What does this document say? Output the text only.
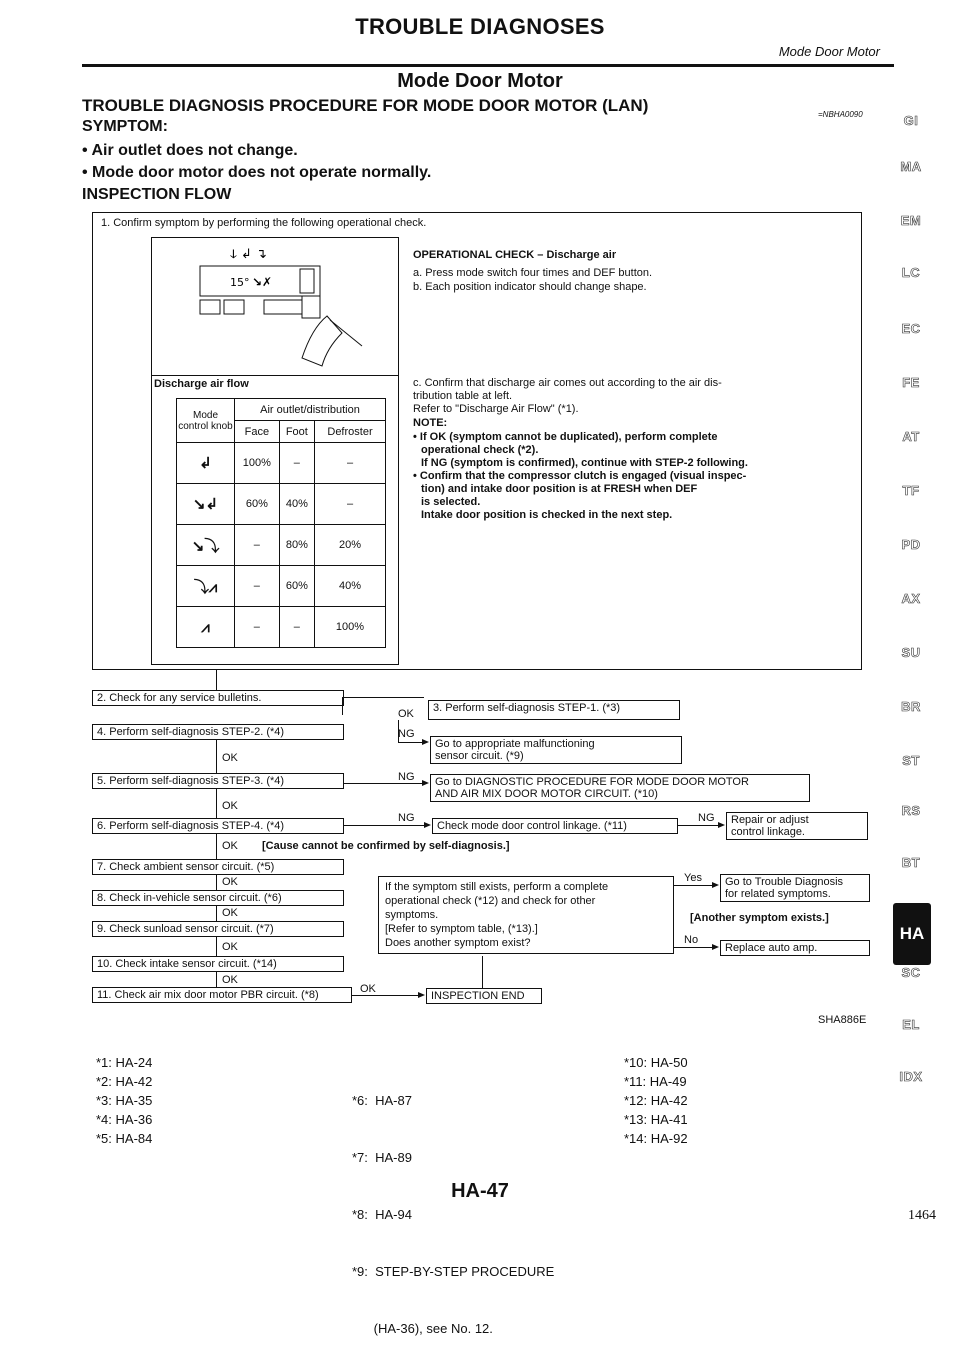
TROUBLE DIAGNOSES
Mode Door Motor
Mode Door Motor
TROUBLE DIAGNOSIS PROCEDURE FOR MODE DOOR MOTOR (LAN)	=NBHA0090
SYMPTOM:
• Air outlet does not change.
• Mode door motor does not operate normally.
INSPECTION FLOW
1. Confirm symptom by performing the following operational check.
ↆ ↲ ↴
15° ↘✗
OPERATIONAL CHECK – Discharge air
a. Press mode switch four times and DEF button.
b. Each position indicator should change shape.
Discharge air flow
Mode control knob	Air outlet/distribution		
	Face	Foot	Defroster
↲	100%	–	–
↘↲	60%	40%	–
↘⤵	–	80%	20%
⤵⩘	–	60%	40%
⩘	–	–	100%
c. Confirm that discharge air comes out according to the air dis-
tribution table at left.
Refer to "Discharge Air Flow" (*1).
NOTE:
• If OK (symptom cannot be duplicated), perform complete
operational check (*2).
If NG (symptom is confirmed), continue with STEP-2 following.
• Confirm that the compressor clutch is engaged (visual inspec-
tion) and intake door position is at FRESH when DEF
is selected.
Intake door position is checked in the next step.
2. Check for any service bulletins.
3. Perform self-diagnosis STEP-1. (*3)
OK
4. Perform self-diagnosis STEP-2. (*4)	NG
Go to appropriate malfunctioning
sensor circuit. (*9)
OK
5. Perform self-diagnosis STEP-3. (*4)	NG Go to DIAGNOSTIC PROCEDURE FOR MODE DOOR MOTOR
AND AIR MIX DOOR MOTOR CIRCUIT. (*10)
OK
6. Perform self-diagnosis STEP-4. (*4)
NG
Check mode door control linkage. (*11)
NG Repair or adjust
control linkage.
OK [Cause cannot be confirmed by self-diagnosis.]
7. Check ambient sensor circuit. (*5)
OK
8. Check in-vehicle sensor circuit. (*6)
OK
9. Check sunload sensor circuit. (*7)
OK
10. Check intake sensor circuit. (*14)
OK
11. Check air mix door motor PBR circuit. (*8)	OK
INSPECTION END
If the symptom still exists, perform a complete
operational check (*12) and check for other
symptoms.
[Refer to symptom table, (*13).]
Does another symptom exist?
Yes Go to Trouble Diagnosis
for related symptoms.
[Another symptom exists.]
No
Replace auto amp.
SHA886E
GI
MA
EM
LC
EC
FE
AT
TF
PD
AX
SU
BR
ST
RS
BT
HA
SC
EL
IDX
*1: HA-24
*2: HA-42
*3: HA-35
*4: HA-36
*5: HA-84

*6:  HA-87

*7:  HA-89

*8:  HA-94

*9:  STEP-BY-STEP PROCEDURE

(HA-36), see No. 12.

*10: HA-50
*11: HA-49
*12: HA-42
*13: HA-41
*14: HA-92
HA-47
1464
